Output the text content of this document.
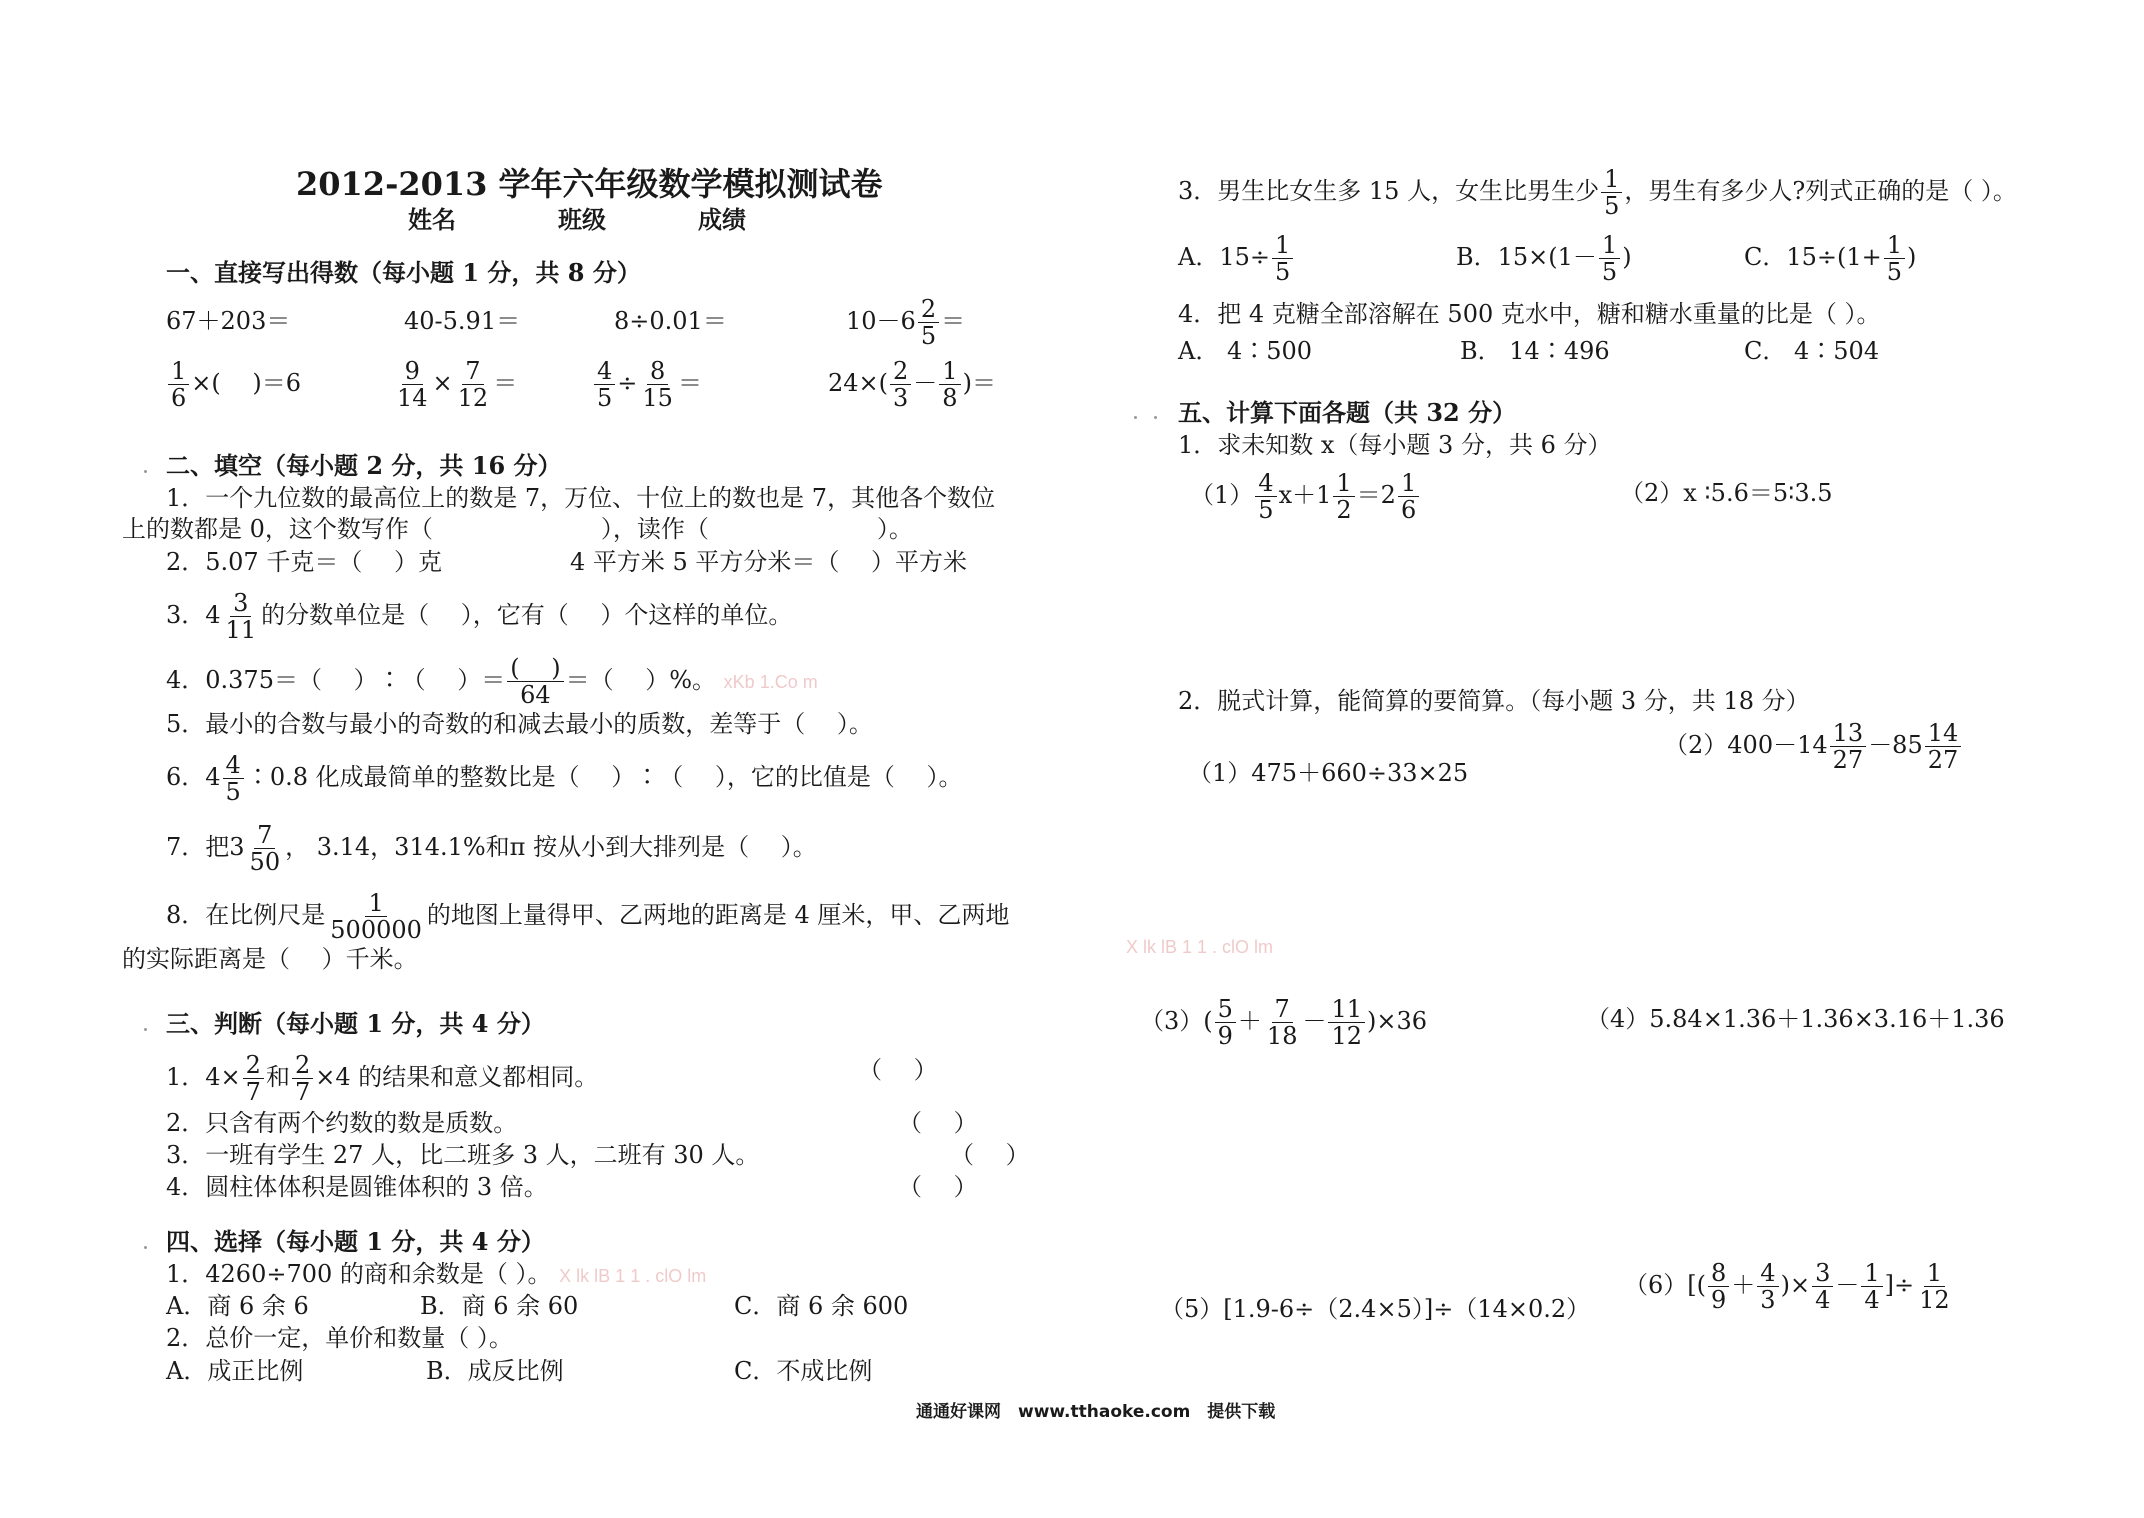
2012-2013 学年六年级数学模拟测试卷
姓名	班级	成绩
一、直接写出得数（每小题 1 分，共 8 分）
67＋203＝	40-5.91＝	8÷0.01＝	$10-6 \frac{2}{5}$ ＝
$\frac{1}{6}$ ×(　 )＝6	$\frac{9}{14} \times \frac{7}{12}$ ＝	$\frac{4}{5} \div \frac{8}{15}$ ＝	$24\times( \frac{2}{3} - \frac{1}{8}$ )＝
二、填空（每小题 2 分，共 16 分）
1．一个九位数的最高位上的数是 7，万位、十位上的数也是 7，其他各个数位
上的数都是 0，这个数写作（　　　　　　　），读作（　　　　　　　）。
2．5.07 千克＝（　 ）克	4 平方米 5 平方分米＝（　 ）平方米
3．$4 \frac{3}{11}$ 的分数单位是（　 ），它有（　 ）个这样的单位。
4．0.375＝（　 ）∶（　 ）＝ (　 )
64
＝（　 ）%。 xKb 1.Co m
5．最小的合数与最小的奇数的和减去最小的质数，差等于（　 ）。
6．$4 \frac{4}{5}$ ∶0.8 化成最简单的整数比是（　 ）∶（　 ），它的比值是（　 ）。
7．把$3 \frac{7}{50}$ ， 3.14̇，314.1%和π 按从小到大排列是（　 ）。
8．在比例尺是 $\frac{1}{500000}$ 的地图上量得甲、乙两地的距离是 4 厘米，甲、乙两地
的实际距离是（　 ）千米。
三、判断（每小题 1 分，共 4 分）
1．$4\times \frac{2}{7}$ 和 $\frac{2}{7} \times 4$ 的结果和意义都相同。	（　 ）
2．只含有两个约数的数是质数。	（　 ）
3．一班有学生 27 人，比二班多 3 人，二班有 30 人。	（　 ）
4．圆柱体体积是圆锥体积的 3 倍。	（　 ）
四、选择（每小题 1 分，共 4 分）
1．4260÷700 的商和余数是（ ）。 X lk lB 1 1 . clO lm
A．商 6 余 6	B．商 6 余 60	C．商 6 余 600
2．总价一定，单价和数量（ ）。
A．成正比例	B．成反比例	C．不成比例
3．男生比女生多 15 人，女生比男生少 $\frac{1}{5}$ ，男生有多少人?列式正确的是（ ）。
A．$15\div \frac{1}{5}$	B．$15\times(1- \frac{1}{5}$ )	C．$15\div(1+ \frac{1}{5}$ )
4．把 4 克糖全部溶解在 500 克水中，糖和糖水重量的比是（ ）。
A． 4∶500	B． 14∶496	C． 4∶504
五、计算下面各题（共 32 分）
1．求未知数 x（每小题 3 分，共 6 分）
$(1) \frac{4}{5} x+1 \frac{1}{2} =2 \frac{1}{6}$	（2）x ∶5.6＝5∶3.5
2．脱式计算，能简算的要简算。（每小题 3 分，共 18 分）
（1）475＋660÷33×25
$(2)400-14 \frac{13}{27} -85 \frac{14}{27}$
X lk lB 1 1 . clO lm
$(3)( \frac{5}{9} + \frac{7}{18} - \frac{11}{12} )\times 36$	（4）5.84×1.36＋1.36×3.16＋1.36
（5）[1.9-6÷（2.4×5）]÷（14×0.2）
$(6)[( \frac{8}{9} + \frac{4}{3}$ )× $\frac{3}{4} - \frac{1}{4}$ ]÷ $\frac{1}{12}$
通通好课网　www.tthaoke.com　提供下载
